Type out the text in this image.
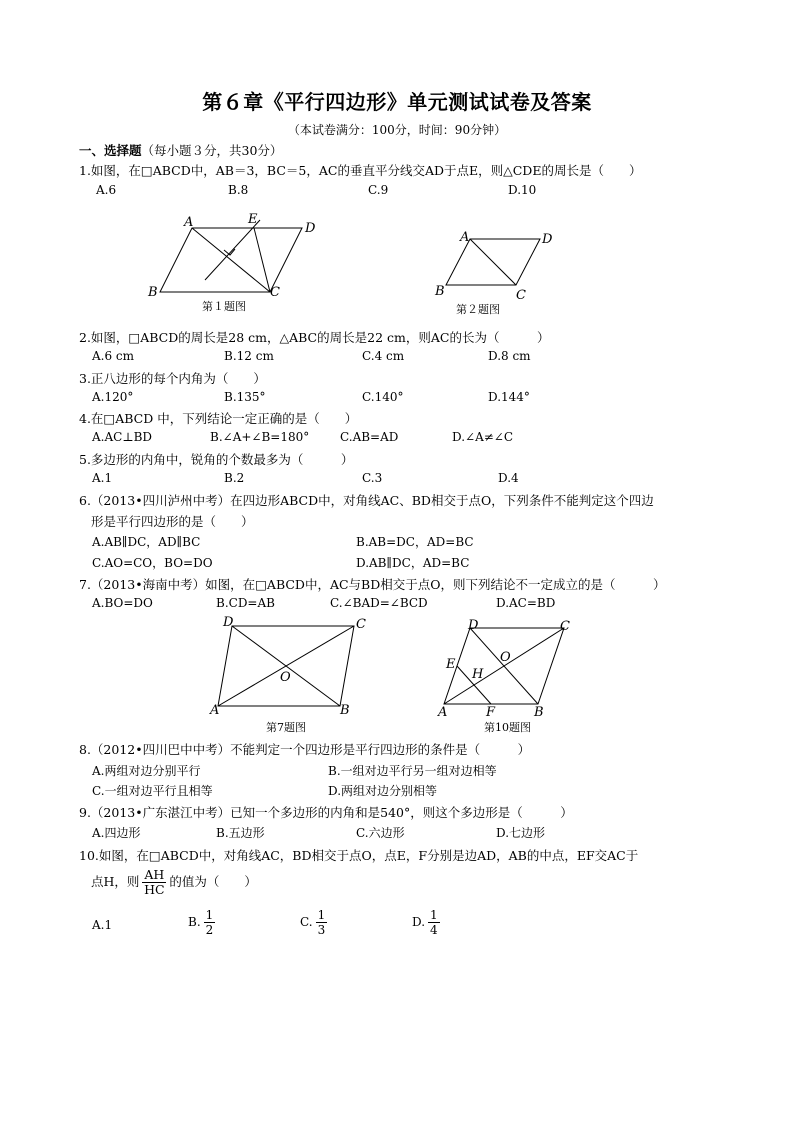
第６章《平行四边形》单元测试试卷及答案
（本试卷满分：100分，时间：90分钟）
一、选择题（每小题３分，共30分）
1.如图，在□ABCD中，AB＝3，BC＝5，AC的垂直平分线交AD于点E，则△CDE的周长是（　　）
A.6	B.8	C.9	D.10
A	E
D
B	C
第１题图
A	D
B	C
第２题图
2.如图，□ABCD的周长是28 cm，△ABC的周长是22 cm，则AC的长为（　　　）
A.6 cm	B.12 cm	C.4 cm	D.8 cm
3.正八边形的每个内角为（　　）
A.120°	B.135°	C.140°	D.144°
4.在□ABCD 中，下列结论一定正确的是（　　）
A.AC⊥BD	B.∠A+∠B=180°	C.AB=AD	D.∠A≠∠C
5.多边形的内角中，锐角的个数最多为（　　　）
A.1	B.2	C.3	D.4
6.（2013•四川泸州中考）在四边形ABCD中，对角线AC、BD相交于点O，下列条件不能判定这个四边
形是平行四边形的是（　　）
A.AB∥DC，AD∥BC	B.AB=DC，AD=BC
C.AO=CO，BO=DO	D.AB∥DC，AD=BC
7.（2013•海南中考）如图，在□ABCD中，AC与BD相交于点O，则下列结论不一定成立的是（　　　）
A.BO=DO	B.CD=AB	C.∠BAD=∠BCD	D.AC=BD
D	C
O
A	B
第7题图
D	C
O
E
H
A	F	B
第10题图
8.（2012•四川巴中中考）不能判定一个四边形是平行四边形的条件是（　　　）
A.两组对边分别平行	B.一组对边平行另一组对边相等
C.一组对边平行且相等	D.两组对边分别相等
9.（2013•广东湛江中考）已知一个多边形的内角和是540°，则这个多边形是（　　　）
A.四边形	B.五边形	C.六边形	D.七边形
10.如图，在□ABCD中，对角线AC，BD相交于点O，点E，F分别是边AD，AB的中点，EF交AC于
点H，则 $\frac{AH}{HC}$ 的值为（　　）
A.1	B. $\frac{1}{2}$	C. $\frac{1}{3}$	D. $\frac{1}{4}$
